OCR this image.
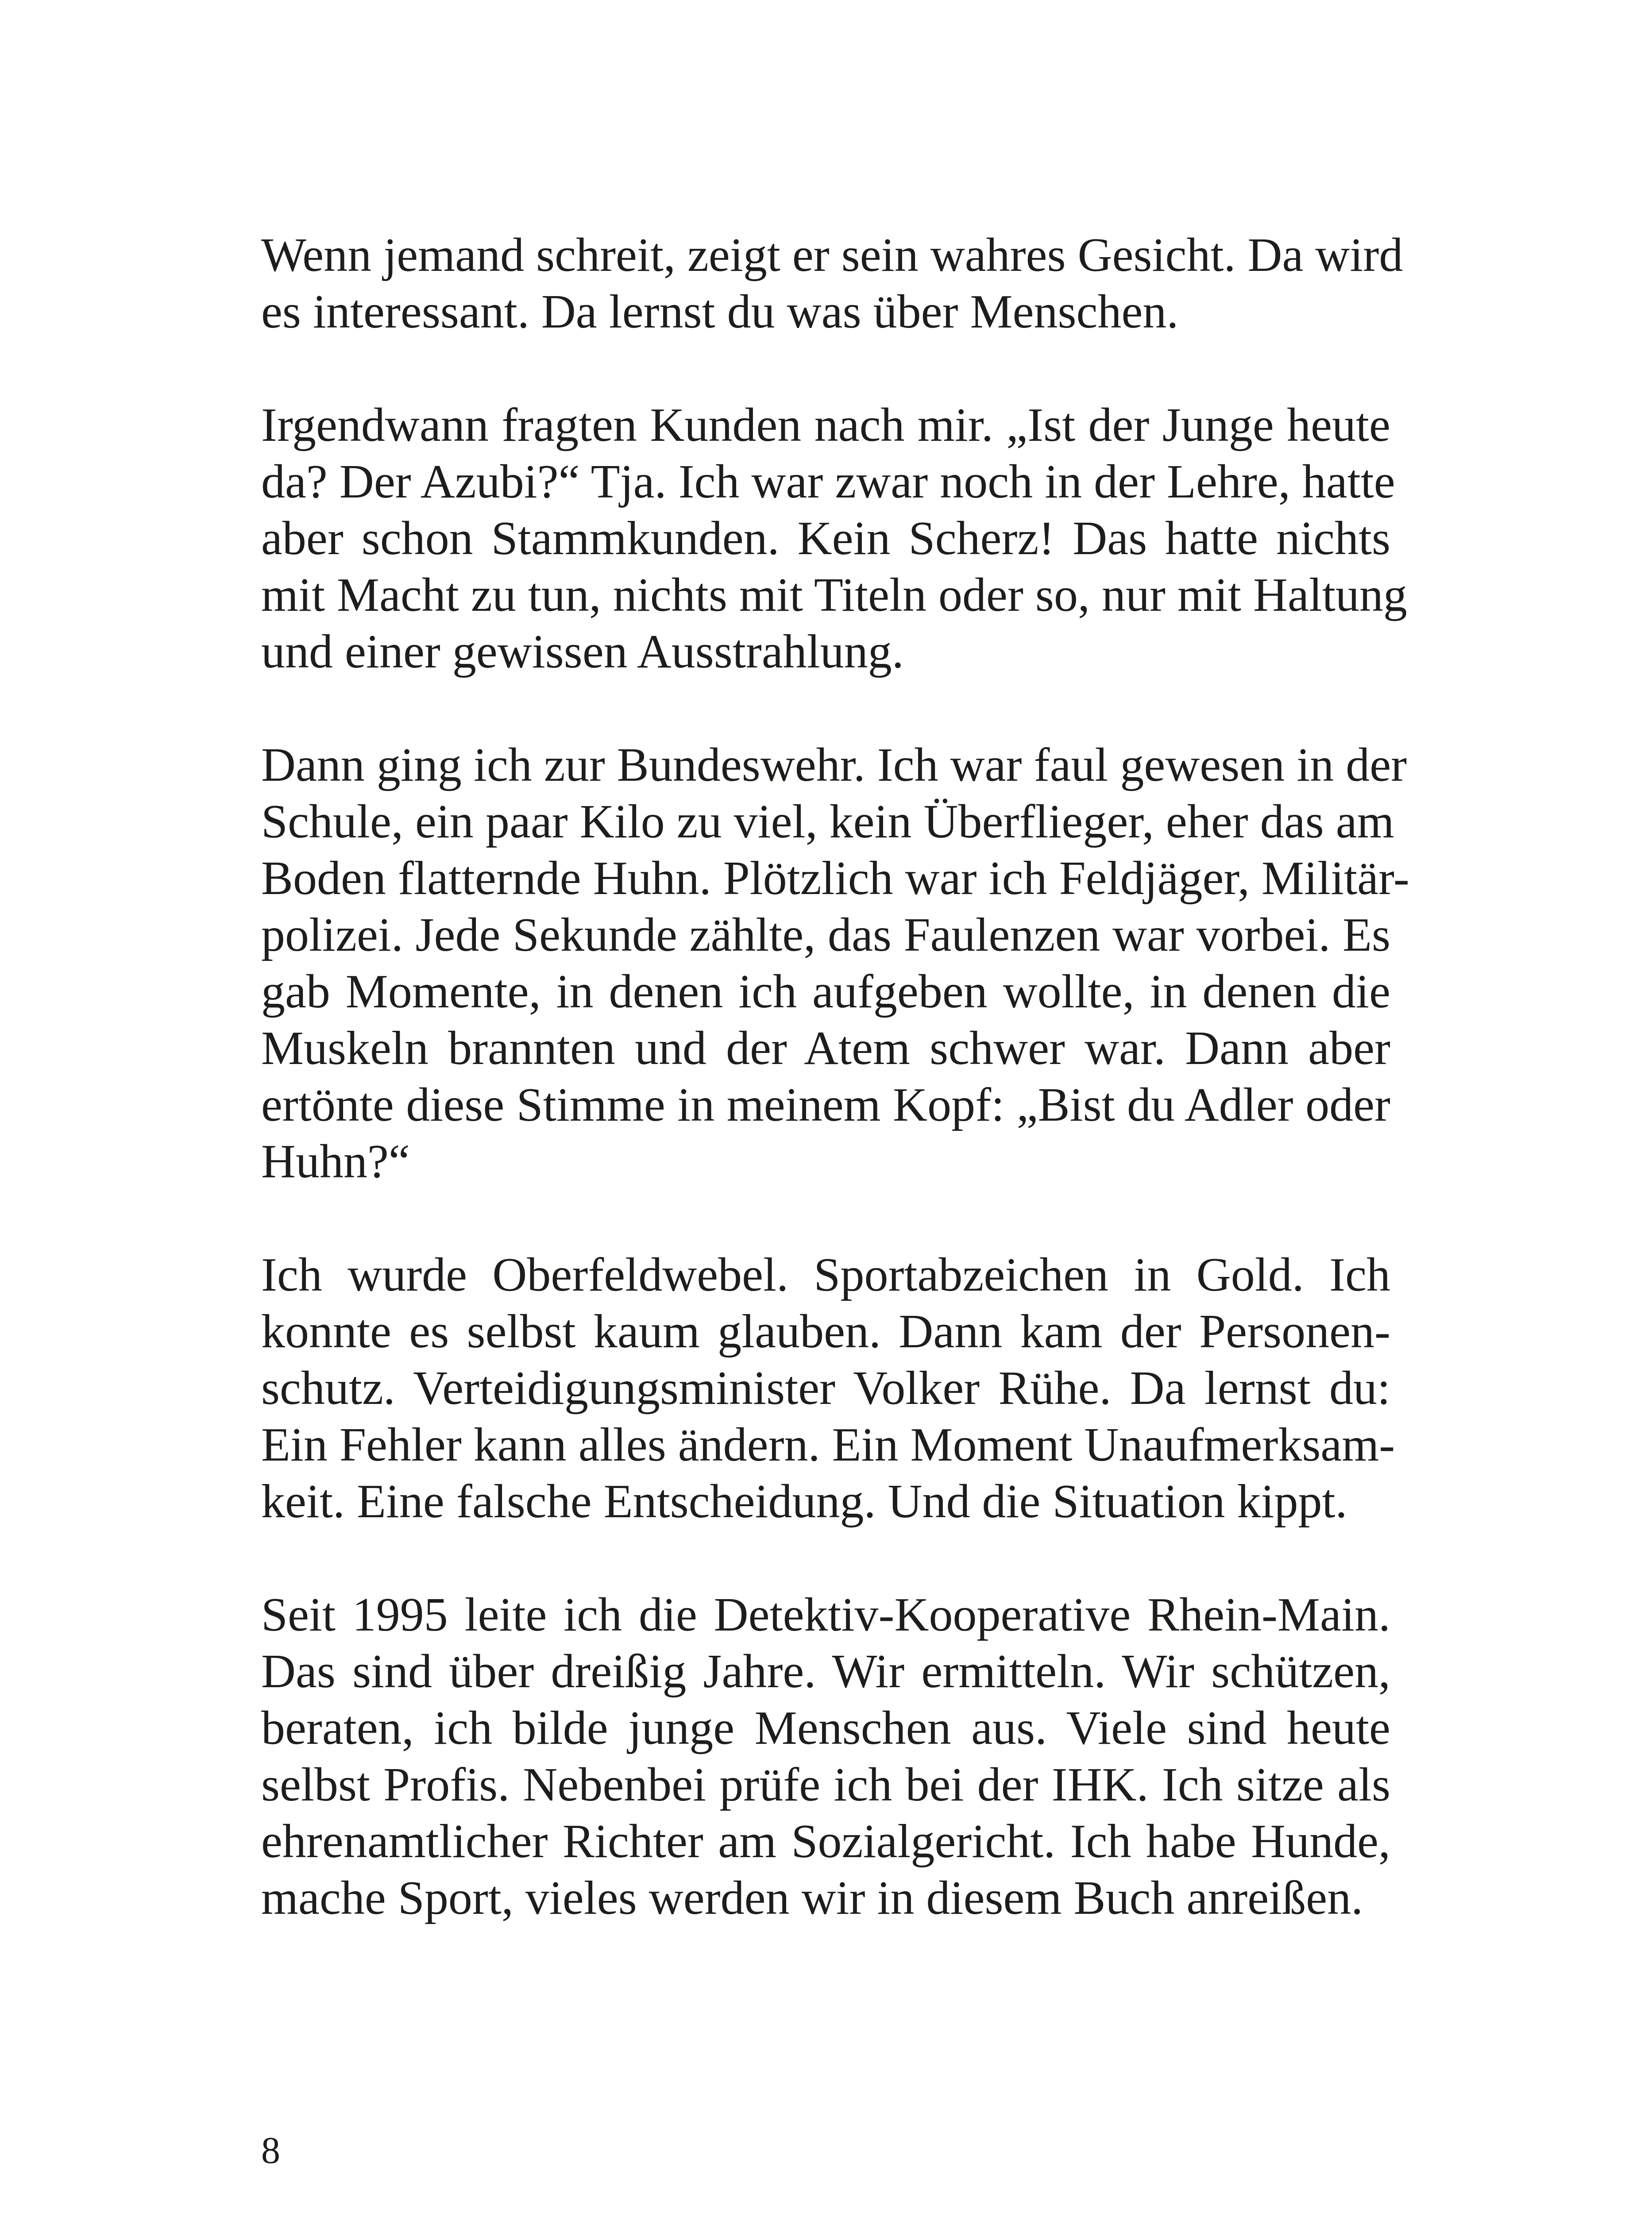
Wenn jemand schreit, zeigt er sein wahres Gesicht. Da wird
es interessant. Da lernst du was über Menschen.
Irgendwann fragten Kunden nach mir. „Ist der Junge heute
da? Der Azubi?“ Tja. Ich war zwar noch in der Lehre, hatte
aber schon Stammkunden. Kein Scherz! Das hatte nichts
mit Macht zu tun, nichts mit Titeln oder so, nur mit Haltung
und einer gewissen Ausstrahlung.
Dann ging ich zur Bundeswehr. Ich war faul gewesen in der
Schule, ein paar Kilo zu viel, kein Überflieger, eher das am
Boden flatternde Huhn. Plötzlich war ich Feldjäger, Militär-
polizei. Jede Sekunde zählte, das Faulenzen war vorbei. Es
gab Momente, in denen ich aufgeben wollte, in denen die
Muskeln brannten und der Atem schwer war. Dann aber
ertönte diese Stimme in meinem Kopf: „Bist du Adler oder
Huhn?“
Ich wurde Oberfeldwebel. Sportabzeichen in Gold. Ich
konnte es selbst kaum glauben. Dann kam der Personen-
schutz. Verteidigungsminister Volker Rühe. Da lernst du:
Ein Fehler kann alles ändern. Ein Moment Unaufmerksam-
keit. Eine falsche Entscheidung. Und die Situation kippt.
Seit 1995 leite ich die Detektiv-Kooperative Rhein-Main.
Das sind über dreißig Jahre. Wir ermitteln. Wir schützen,
beraten, ich bilde junge Menschen aus. Viele sind heute
selbst Profis. Nebenbei prüfe ich bei der IHK. Ich sitze als
ehrenamtlicher Richter am Sozialgericht. Ich habe Hunde,
mache Sport, vieles werden wir in diesem Buch anreißen.
8
